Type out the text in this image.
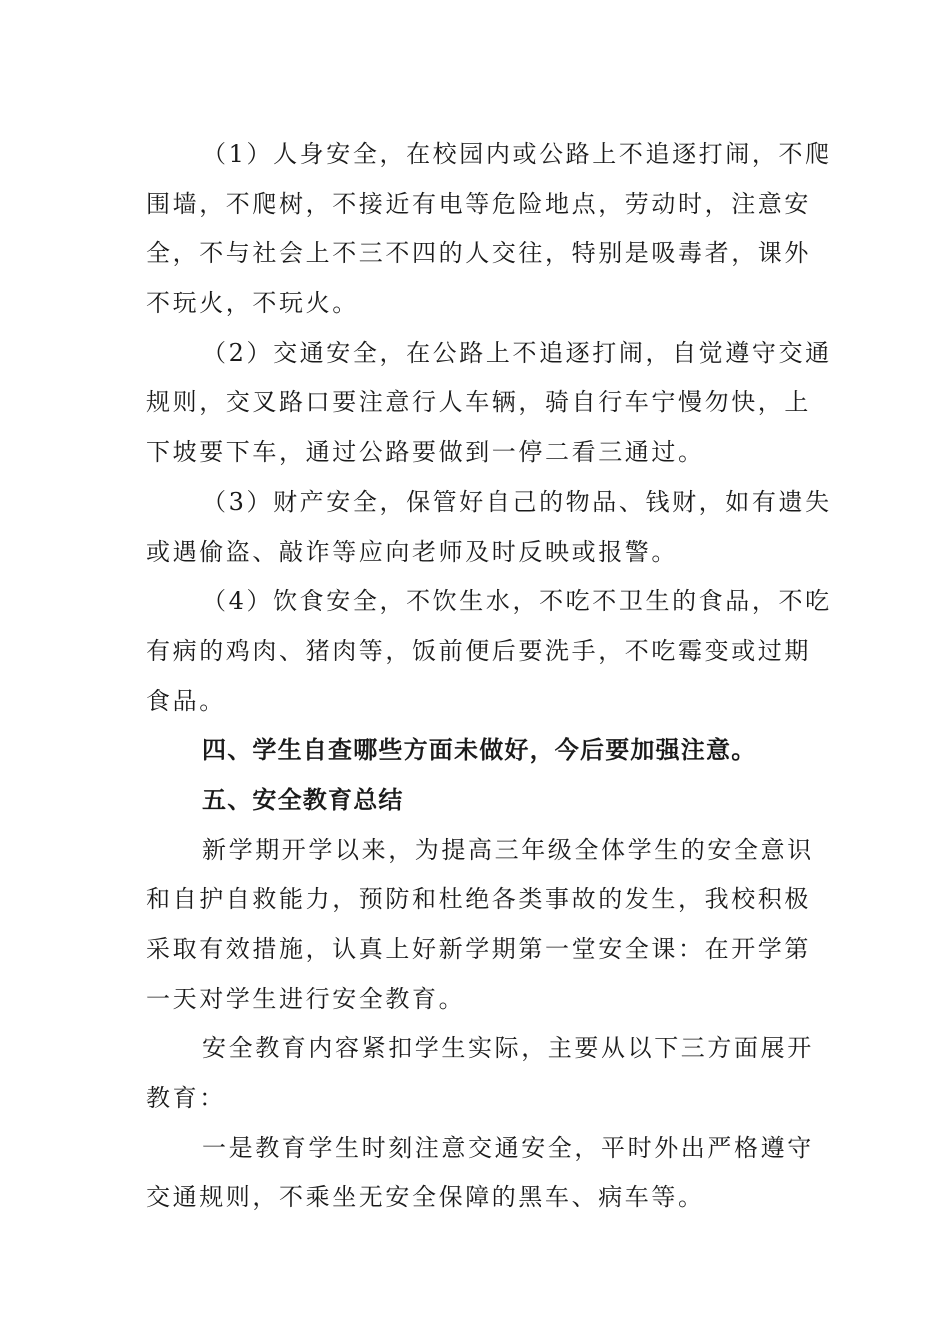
（1）人身安全，在校园内或公路上不追逐打闹，不爬
围墙，不爬树，不接近有电等危险地点，劳动时，注意安
全，不与社会上不三不四的人交往，特别是吸毒者，课外
不玩火，不玩火。
（2）交通安全，在公路上不追逐打闹，自觉遵守交通
规则，交叉路口要注意行人车辆，骑自行车宁慢勿快，上
下坡要下车，通过公路要做到一停二看三通过。
（3）财产安全，保管好自己的物品、钱财，如有遗失
或遇偷盗、敲诈等应向老师及时反映或报警。
（4）饮食安全，不饮生水，不吃不卫生的食品，不吃
有病的鸡肉、猪肉等，饭前便后要洗手，不吃霉变或过期
食品。
四、学生自查哪些方面未做好，今后要加强注意。
五、安全教育总结
新学期开学以来，为提高三年级全体学生的安全意识
和自护自救能力，预防和杜绝各类事故的发生，我校积极
采取有效措施，认真上好新学期第一堂安全课：在开学第
一天对学生进行安全教育。
安全教育内容紧扣学生实际，主要从以下三方面展开
教育：
一是教育学生时刻注意交通安全，平时外出严格遵守
交通规则，不乘坐无安全保障的黑车、病车等。
